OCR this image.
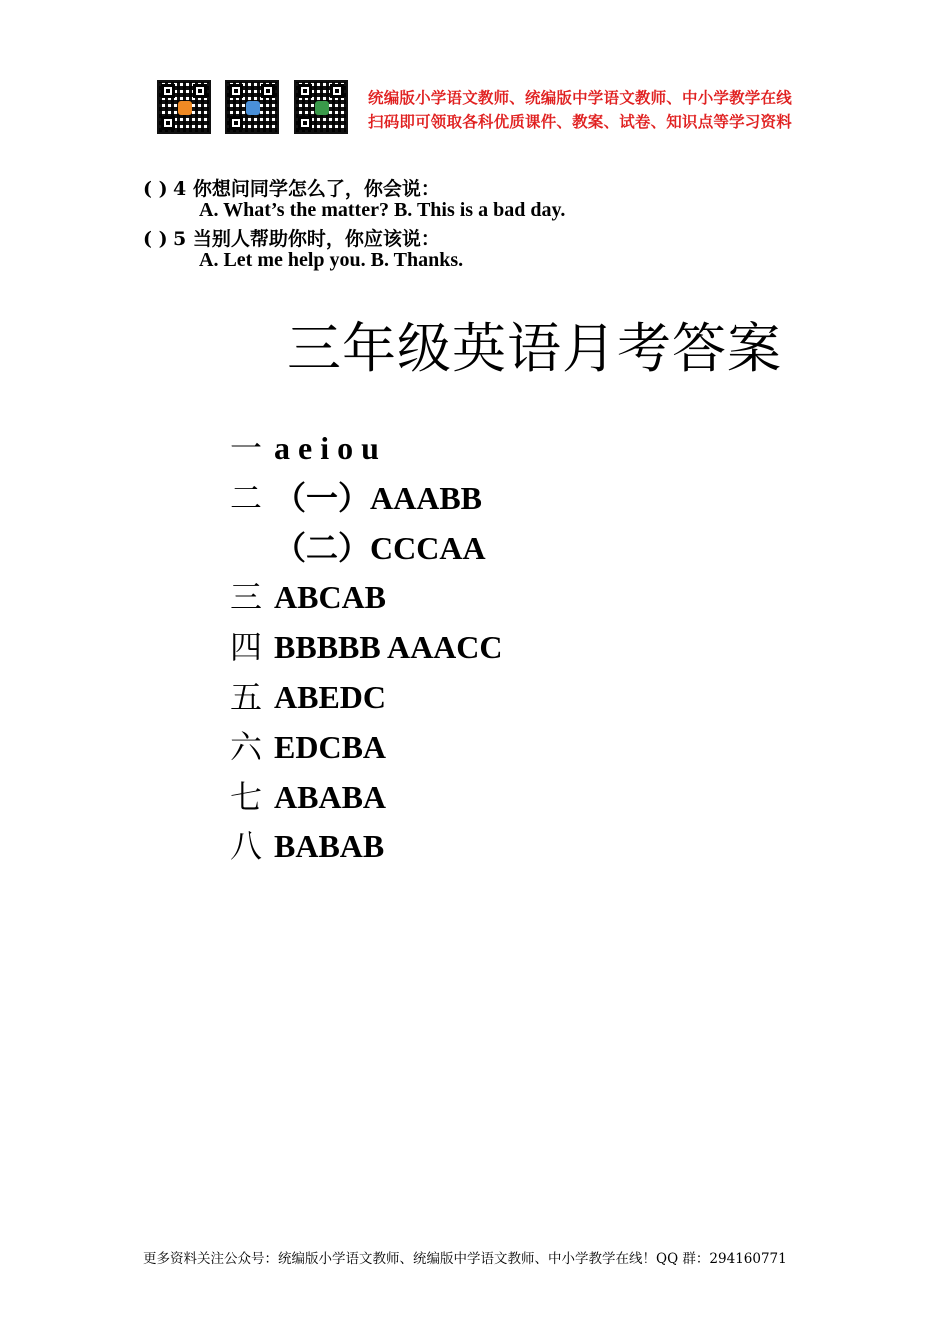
统编版小学语文教师、统编版中学语文教师、中小学教学在线
扫码即可领取各科优质课件、教案、试卷、知识点等学习资料
( ) 4 你想问同学怎么了，你会说：
A. What’s the matter? B. This is a bad day.
( ) 5 当别人帮助你时，你应该说：
A. Let me help you. B. Thanks.
三年级英语月考答案
一 a e i o u
二 （一）AAABB
（二）CCCAA
三 ABCAB
四 BBBBB AAACC
五 ABEDC
六 EDCBA
七 ABABA
八 BABAB
更多资料关注公众号：统编版小学语文教师、统编版中学语文教师、中小学教学在线！QQ 群：294160771
